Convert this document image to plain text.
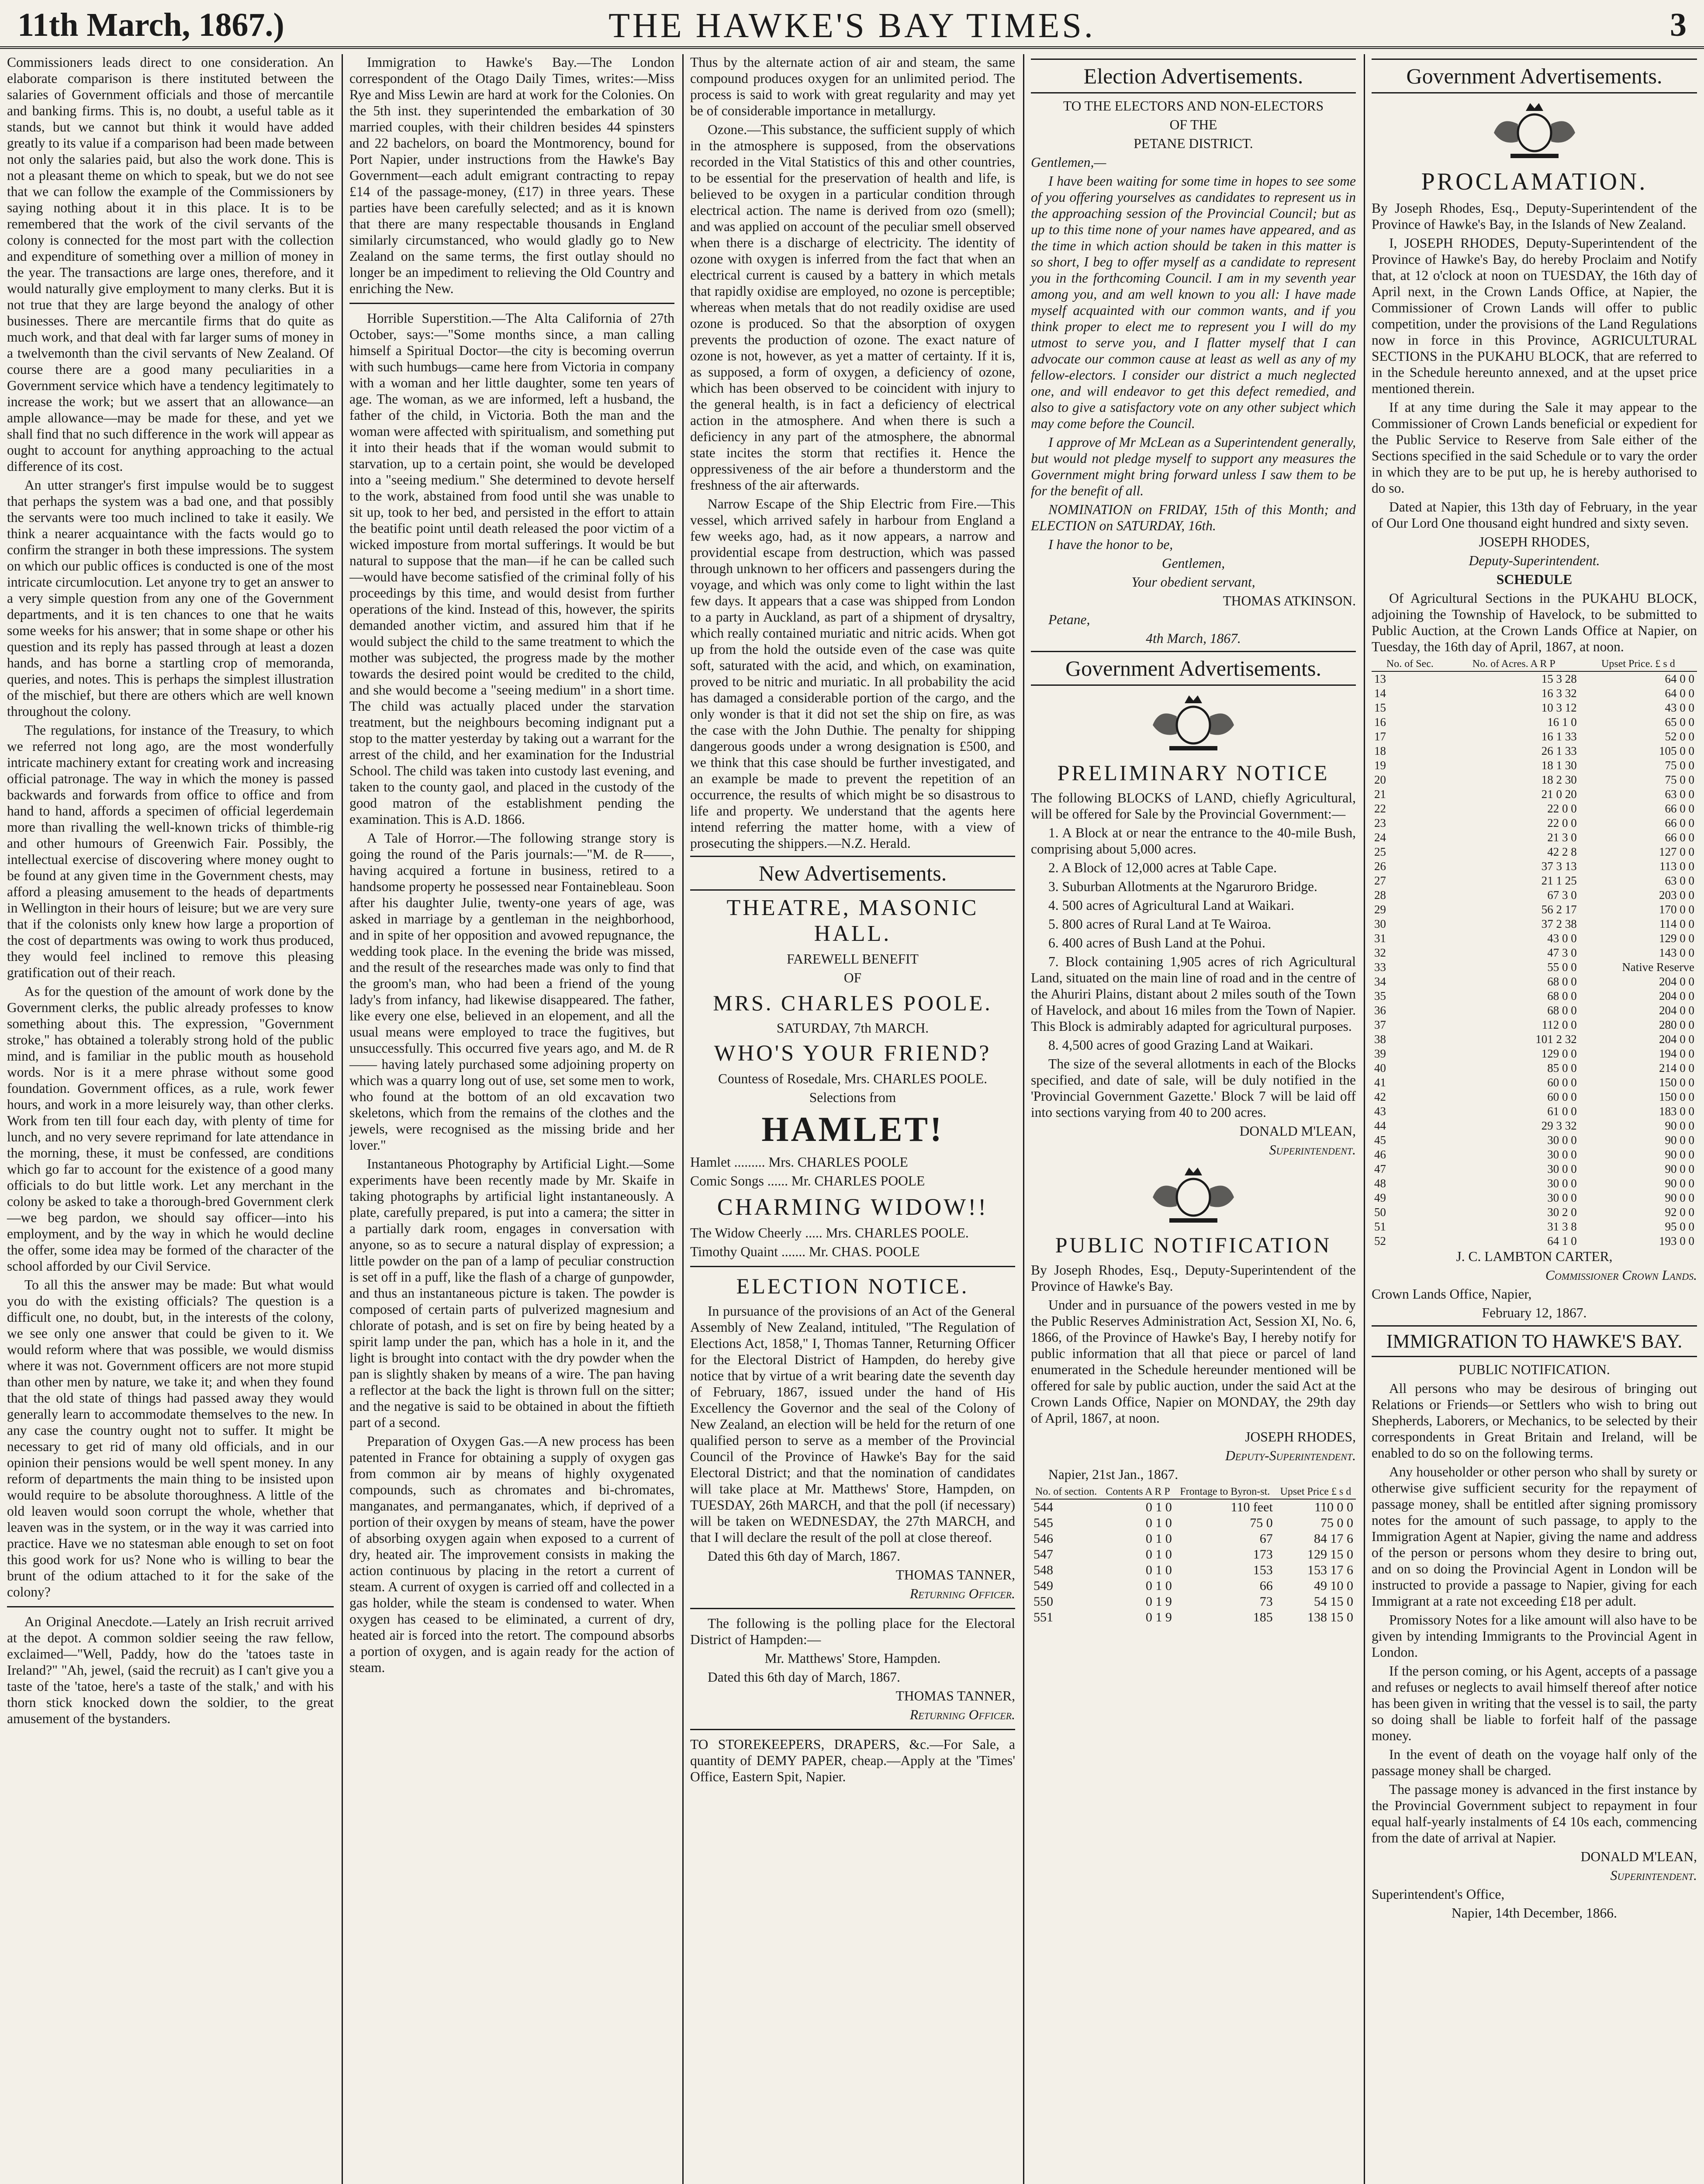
11th March, 1867.)	THE HAWKE'S BAY TIMES.	3

Commissioners leads direct to one consideration. An elaborate comparison is there instituted between the salaries of Government officials and those of mercantile and banking firms. This is, no doubt, a useful table as it stands, but we cannot but think it would have added greatly to its value if a comparison had been made between not only the salaries paid, but also the work done. This is not a pleasant theme on which to speak, but we do not see that we can follow the example of the Commissioners by saying nothing about it in this place. It is to be remembered that the work of the civil servants of the colony is connected for the most part with the collection and expenditure of something over a million of money in the year. The transactions are large ones, therefore, and it would naturally give employment to many clerks. But it is not true that they are large beyond the analogy of other businesses. There are mercantile firms that do quite as much work, and that deal with far larger sums of money in a twelvemonth than the civil servants of New Zealand. Of course there are a good many peculiarities in a Government service which have a tendency legitimately to increase the work; but we assert that an allowance—an ample allowance—may be made for these, and yet we shall find that no such difference in the work will appear as ought to account for anything approaching to the actual difference of its cost.

An utter stranger's first impulse would be to suggest that perhaps the system was a bad one, and that possibly the servants were too much inclined to take it easily. We think a nearer acquaintance with the facts would go to confirm the stranger in both these impressions. The system on which our public offices is conducted is one of the most intricate circumlocution. Let anyone try to get an answer to a very simple question from any one of the Government departments, and it is ten chances to one that he waits some weeks for his answer; that in some shape or other his question and its reply has passed through at least a dozen hands, and has borne a startling crop of memoranda, queries, and notes. This is perhaps the simplest illustration of the mischief, but there are others which are well known throughout the colony.

The regulations, for instance of the Treasury, to which we referred not long ago, are the most wonderfully intricate machinery extant for creating work and increasing official patronage. The way in which the money is passed backwards and forwards from office to office and from hand to hand, affords a specimen of official legerdemain more than rivalling the well-known tricks of thimble-rig and other humours of Greenwich Fair. Possibly, the intellectual exercise of discovering where money ought to be found at any given time in the Government chests, may afford a pleasing amusement to the heads of departments in Wellington in their hours of leisure; but we are very sure that if the colonists only knew how large a proportion of the cost of departments was owing to work thus produced, they would feel inclined to remove this pleasing gratification out of their reach.

As for the question of the amount of work done by the Government clerks, the public already professes to know something about this. The expression, "Government stroke," has obtained a tolerably strong hold of the public mind, and is familiar in the public mouth as household words. Nor is it a mere phrase without some good foundation. Government offices, as a rule, work fewer hours, and work in a more leisurely way, than other clerks. Work from ten till four each day, with plenty of time for lunch, and no very severe reprimand for late attendance in the morning, these, it must be confessed, are conditions which go far to account for the existence of a good many officials to do but little work. Let any merchant in the colony be asked to take a thorough-bred Government clerk—we beg pardon, we should say officer—into his employment, and by the way in which he would decline the offer, some idea may be formed of the character of the school afforded by our Civil Service.

To all this the answer may be made: But what would you do with the existing officials? The question is a difficult one, no doubt, but, in the interests of the colony, we see only one answer that could be given to it. We would reform where that was possible, we would dismiss where it was not. Government officers are not more stupid than other men by nature, we take it; and when they found that the old state of things had passed away they would generally learn to accommodate themselves to the new. In any case the country ought not to suffer. It might be necessary to get rid of many old officials, and in our opinion their pensions would be well spent money. In any reform of departments the main thing to be insisted upon would require to be absolute thoroughness. A little of the old leaven would soon corrupt the whole, whether that leaven was in the system, or in the way it was carried into practice. Have we no statesman able enough to set on foot this good work for us? None who is willing to bear the brunt of the odium attached to it for the sake of the colony?

An Original Anecdote.—Lately an Irish recruit arrived at the depot. A common soldier seeing the raw fellow, exclaimed—"Well, Paddy, how do the 'tatoes taste in Ireland?" "Ah, jewel, (said the recruit) as I can't give you a taste of the 'tatoe, here's a taste of the stalk,' and with his thorn stick knocked down the soldier, to the great amusement of the bystanders.

Immigration to Hawke's Bay.—The London correspondent of the Otago Daily Times, writes:—Miss Rye and Miss Lewin are hard at work for the Colonies. On the 5th inst. they superintended the embarkation of 30 married couples, with their children besides 44 spinsters and 22 bachelors, on board the Montmorency, bound for Port Napier, under instructions from the Hawke's Bay Government—each adult emigrant contracting to repay £14 of the passage-money, (£17) in three years. These parties have been carefully selected; and as it is known that there are many respectable thousands in England similarly circumstanced, who would gladly go to New Zealand on the same terms, the first outlay should no longer be an impediment to relieving the Old Country and enriching the New.

Horrible Superstition.—The Alta California of 27th October, says:—"Some months since, a man calling himself a Spiritual Doctor—the city is becoming overrun with such humbugs—came here from Victoria in company with a woman and her little daughter, some ten years of age. The woman, as we are informed, left a husband, the father of the child, in Victoria. Both the man and the woman were affected with spiritualism, and something put it into their heads that if the woman would submit to starvation, up to a certain point, she would be developed into a "seeing medium." She determined to devote herself to the work, abstained from food until she was unable to sit up, took to her bed, and persisted in the effort to attain the beatific point until death released the poor victim of a wicked imposture from mortal sufferings. It would be but natural to suppose that the man—if he can be called such—would have become satisfied of the criminal folly of his proceedings by this time, and would desist from further operations of the kind. Instead of this, however, the spirits demanded another victim, and assured him that if he would subject the child to the same treatment to which the mother was subjected, the progress made by the mother towards the desired point would be credited to the child, and she would become a "seeing medium" in a short time. The child was actually placed under the starvation treatment, but the neighbours becoming indignant put a stop to the matter yesterday by taking out a warrant for the arrest of the child, and her examination for the Industrial School. The child was taken into custody last evening, and taken to the county gaol, and placed in the custody of the good matron of the establishment pending the examination. This is A.D. 1866.

A Tale of Horror.—The following strange story is going the round of the Paris journals:—"M. de R——, having acquired a fortune in business, retired to a handsome property he possessed near Fontainebleau. Soon after his daughter Julie, twenty-one years of age, was asked in marriage by a gentleman in the neighborhood, and in spite of her opposition and avowed repugnance, the wedding took place. In the evening the bride was missed, and the result of the researches made was only to find that the groom's man, who had been a friend of the young lady's from infancy, had likewise disappeared. The father, like every one else, believed in an elopement, and all the usual means were employed to trace the fugitives, but unsuccessfully. This occurred five years ago, and M. de R—— having lately purchased some adjoining property on which was a quarry long out of use, set some men to work, who found at the bottom of an old excavation two skeletons, which from the remains of the clothes and the jewels, were recognised as the missing bride and her lover."

Instantaneous Photography by Artificial Light.—Some experiments have been recently made by Mr. Skaife in taking photographs by artificial light instantaneously. A plate, carefully prepared, is put into a camera; the sitter in a partially dark room, engages in conversation with anyone, so as to secure a natural display of expression; a little powder on the pan of a lamp of peculiar construction is set off in a puff, like the flash of a charge of gunpowder, and thus an instantaneous picture is taken. The powder is composed of certain parts of pulverized magnesium and chlorate of potash, and is set on fire by being heated by a spirit lamp under the pan, which has a hole in it, and the light is brought into contact with the dry powder when the pan is slightly shaken by means of a wire. The pan having a reflector at the back the light is thrown full on the sitter; and the negative is said to be obtained in about the fiftieth part of a second.

Preparation of Oxygen Gas.—A new process has been patented in France for obtaining a supply of oxygen gas from common air by means of highly oxygenated compounds, such as chromates and bi-chromates, manganates, and permanganates, which, if deprived of a portion of their oxygen by means of steam, have the power of absorbing oxygen again when exposed to a current of dry, heated air. The improvement consists in making the action continuous by placing in the retort a current of steam. A current of oxygen is carried off and collected in a gas holder, while the steam is condensed to water. When oxygen has ceased to be eliminated, a current of dry, heated air is forced into the retort. The compound absorbs a portion of oxygen, and is again ready for the action of steam.

Thus by the alternate action of air and steam, the same compound produces oxygen for an unlimited period. The process is said to work with great regularity and may yet be of considerable importance in metallurgy.

Ozone.—This substance, the sufficient supply of which in the atmosphere is supposed, from the observations recorded in the Vital Statistics of this and other countries, to be essential for the preservation of health and life, is believed to be oxygen in a particular condition through electrical action. The name is derived from ozo (smell); and was applied on account of the peculiar smell observed when there is a discharge of electricity. The identity of ozone with oxygen is inferred from the fact that when an electrical current is caused by a battery in which metals that rapidly oxidise are employed, no ozone is perceptible; whereas when metals that do not readily oxidise are used ozone is produced. So that the absorption of oxygen prevents the production of ozone. The exact nature of ozone is not, however, as yet a matter of certainty. If it is, as supposed, a form of oxygen, a deficiency of ozone, which has been observed to be coincident with injury to the general health, is in fact a deficiency of electrical action in the atmosphere. And when there is such a deficiency in any part of the atmosphere, the abnormal state incites the storm that rectifies it. Hence the oppressiveness of the air before a thunderstorm and the freshness of the air afterwards.

Narrow Escape of the Ship Electric from Fire.—This vessel, which arrived safely in harbour from England a few weeks ago, had, as it now appears, a narrow and providential escape from destruction, which was passed through unknown to her officers and passengers during the voyage, and which was only come to light within the last few days. It appears that a case was shipped from London to a party in Auckland, as part of a shipment of drysaltry, which really contained muriatic and nitric acids. When got up from the hold the outside even of the case was quite soft, saturated with the acid, and which, on examination, proved to be nitric and muriatic. In all probability the acid has damaged a considerable portion of the cargo, and the only wonder is that it did not set the ship on fire, as was the case with the John Duthie. The penalty for shipping dangerous goods under a wrong designation is £500, and we think that this case should be further investigated, and an example be made to prevent the repetition of an occurrence, the results of which might be so disastrous to life and property. We understand that the agents here intend referring the matter home, with a view of prosecuting the shippers.—N.Z. Herald.

New Advertisements.
THEATRE, MASONIC HALL.

FAREWELL BENEFIT

OF

MRS. CHARLES POOLE.

SATURDAY, 7th MARCH.

WHO'S YOUR FRIEND?

Countess of Rosedale, Mrs. CHARLES POOLE.

Selections from

HAMLET!

Hamlet ......... Mrs. CHARLES POOLE

Comic Songs ...... Mr. CHARLES POOLE

CHARMING WIDOW!!

The Widow Cheerly ..... Mrs. CHARLES POOLE.

Timothy Quaint ....... Mr. CHAS. POOLE

ELECTION NOTICE.

In pursuance of the provisions of an Act of the General Assembly of New Zealand, intituled, "The Regulation of Elections Act, 1858," I, Thomas Tanner, Returning Officer for the Electoral District of Hampden, do hereby give notice that by virtue of a writ bearing date the seventh day of February, 1867, issued under the hand of His Excellency the Governor and the seal of the Colony of New Zealand, an election will be held for the return of one qualified person to serve as a member of the Provincial Council of the Province of Hawke's Bay for the said Electoral District; and that the nomination of candidates will take place at Mr. Matthews' Store, Hampden, on TUESDAY, 26th MARCH, and that the poll (if necessary) will be taken on WEDNESDAY, the 27th MARCH, and that I will declare the result of the poll at close thereof.

Dated this 6th day of March, 1867.

THOMAS TANNER,

Returning Officer.

The following is the polling place for the Electoral District of Hampden:—

Mr. Matthews' Store, Hampden.

Dated this 6th day of March, 1867.

THOMAS TANNER,

Returning Officer.

TO STOREKEEPERS, DRAPERS, &c.—For Sale, a quantity of DEMY PAPER, cheap.—Apply at the 'Times' Office, Eastern Spit, Napier.

Election Advertisements.

TO THE ELECTORS AND NON-ELECTORS

OF THE

PETANE DISTRICT.

Gentlemen,—

I have been waiting for some time in hopes to see some of you offering yourselves as candidates to represent us in the approaching session of the Provincial Council; but as up to this time none of your names have appeared, and as the time in which action should be taken in this matter is so short, I beg to offer myself as a candidate to represent you in the forthcoming Council. I am in my seventh year among you, and am well known to you all: I have made myself acquainted with our common wants, and if you think proper to elect me to represent you I will do my utmost to serve you, and I flatter myself that I can advocate our common cause at least as well as any of my fellow-electors. I consider our district a much neglected one, and will endeavor to get this defect remedied, and also to give a satisfactory vote on any other subject which may come before the Council.

I approve of Mr McLean as a Superintendent generally, but would not pledge myself to support any measures the Government might bring forward unless I saw them to be for the benefit of all.

NOMINATION on FRIDAY, 15th of this Month; and ELECTION on SATURDAY, 16th.

I have the honor to be,

Gentlemen,

Your obedient servant,

THOMAS ATKINSON.

Petane,

4th March, 1867.

Government Advertisements.
PRELIMINARY NOTICE

The following BLOCKS of LAND, chiefly Agricultural, will be offered for Sale by the Provincial Government:—

1. A Block at or near the entrance to the 40-mile Bush, comprising about 5,000 acres.

2. A Block of 12,000 acres at Table Cape.

3. Suburban Allotments at the Ngaruroro Bridge.

4. 500 acres of Agricultural Land at Waikari.

5. 800 acres of Rural Land at Te Wairoa.

6. 400 acres of Bush Land at the Pohui.

7. Block containing 1,905 acres of rich Agricultural Land, situated on the main line of road and in the centre of the Ahuriri Plains, distant about 2 miles south of the Town of Havelock, and about 16 miles from the Town of Napier. This Block is admirably adapted for agricultural purposes.

8. 4,500 acres of good Grazing Land at Waikari.

The size of the several allotments in each of the Blocks specified, and date of sale, will be duly notified in the 'Provincial Government Gazette.' Block 7 will be laid off into sections varying from 40 to 200 acres.

DONALD M'LEAN,

Superintendent.

PUBLIC NOTIFICATION

By Joseph Rhodes, Esq., Deputy-Superintendent of the Province of Hawke's Bay.

Under and in pursuance of the powers vested in me by the Public Reserves Administration Act, Session XI, No. 6, 1866, of the Province of Hawke's Bay, I hereby notify for public information that all that piece or parcel of land enumerated in the Schedule hereunder mentioned will be offered for sale by public auction, under the said Act at the Crown Lands Office, Napier on MONDAY, the 29th day of April, 1867, at noon.

JOSEPH RHODES,

Deputy-Superintendent.

Napier, 21st Jan., 1867.

No. of section.	Contents A R P	Frontage to Byron-st.	Upset Price £ s d
544	0 1 0	110 feet	110 0 0
545	0 1 0	75 0	75 0 0
546	0 1 0	67	84 17 6
547	0 1 0	173	129 15 0
548	0 1 0	153	153 17 6
549	0 1 0	66	49 10 0
550	0 1 9	73	54 15 0
551	0 1 9	185	138 15 0
Government Advertisements.
PROCLAMATION.

By Joseph Rhodes, Esq., Deputy-Superintendent of the Province of Hawke's Bay, in the Islands of New Zealand.

I, JOSEPH RHODES, Deputy-Superintendent of the Province of Hawke's Bay, do hereby Proclaim and Notify that, at 12 o'clock at noon on TUESDAY, the 16th day of April next, in the Crown Lands Office, at Napier, the Commissioner of Crown Lands will offer to public competition, under the provisions of the Land Regulations now in force in this Province, AGRICULTURAL SECTIONS in the PUKAHU BLOCK, that are referred to in the Schedule hereunto annexed, and at the upset price mentioned therein.

If at any time during the Sale it may appear to the Commissioner of Crown Lands beneficial or expedient for the Public Service to Reserve from Sale either of the Sections specified in the said Schedule or to vary the order in which they are to be put up, he is hereby authorised to do so.

Dated at Napier, this 13th day of February, in the year of Our Lord One thousand eight hundred and sixty seven.

JOSEPH RHODES,

Deputy-Superintendent.

SCHEDULE

Of Agricultural Sections in the PUKAHU BLOCK, adjoining the Township of Havelock, to be submitted to Public Auction, at the Crown Lands Office at Napier, on Tuesday, the 16th day of April, 1867, at noon.

No. of Sec.	No. of Acres. A R P	Upset Price. £ s d
13	15 3 28	64 0 0
14	16 3 32	64 0 0
15	10 3 12	43 0 0
16	16 1 0	65 0 0
17	16 1 33	52 0 0
18	26 1 33	105 0 0
19	18 1 30	75 0 0
20	18 2 30	75 0 0
21	21 0 20	63 0 0
22	22 0 0	66 0 0
23	22 0 0	66 0 0
24	21 3 0	66 0 0
25	42 2 8	127 0 0
26	37 3 13	113 0 0
27	21 1 25	63 0 0
28	67 3 0	203 0 0
29	56 2 17	170 0 0
30	37 2 38	114 0 0
31	43 0 0	129 0 0
32	47 3 0	143 0 0
33	55 0 0	Native Reserve
34	68 0 0	204 0 0
35	68 0 0	204 0 0
36	68 0 0	204 0 0
37	112 0 0	280 0 0
38	101 2 32	204 0 0
39	129 0 0	194 0 0
40	85 0 0	214 0 0
41	60 0 0	150 0 0
42	60 0 0	150 0 0
43	61 0 0	183 0 0
44	29 3 32	90 0 0
45	30 0 0	90 0 0
46	30 0 0	90 0 0
47	30 0 0	90 0 0
48	30 0 0	90 0 0
49	30 0 0	90 0 0
50	30 2 0	92 0 0
51	31 3 8	95 0 0
52	64 1 0	193 0 0

J. C. LAMBTON CARTER,

Commissioner Crown Lands.

Crown Lands Office, Napier,

February 12, 1867.

IMMIGRATION TO HAWKE'S BAY.

PUBLIC NOTIFICATION.

All persons who may be desirous of bringing out Relations or Friends—or Settlers who wish to bring out Shepherds, Laborers, or Mechanics, to be selected by their correspondents in Great Britain and Ireland, will be enabled to do so on the following terms.

Any householder or other person who shall by surety or otherwise give sufficient security for the repayment of passage money, shall be entitled after signing promissory notes for the amount of such passage, to apply to the Immigration Agent at Napier, giving the name and address of the person or persons whom they desire to bring out, and on so doing the Provincial Agent in London will be instructed to provide a passage to Napier, giving for each Immigrant at a rate not exceeding £18 per adult.

Promissory Notes for a like amount will also have to be given by intending Immigrants to the Provincial Agent in London.

If the person coming, or his Agent, accepts of a passage and refuses or neglects to avail himself thereof after notice has been given in writing that the vessel is to sail, the party so doing shall be liable to forfeit half of the passage money.

In the event of death on the voyage half only of the passage money shall be charged.

The passage money is advanced in the first instance by the Provincial Government subject to repayment in four equal half-yearly instalments of £4 10s each, commencing from the date of arrival at Napier.

DONALD M'LEAN,

Superintendent.

Superintendent's Office,

Napier, 14th December, 1866.
